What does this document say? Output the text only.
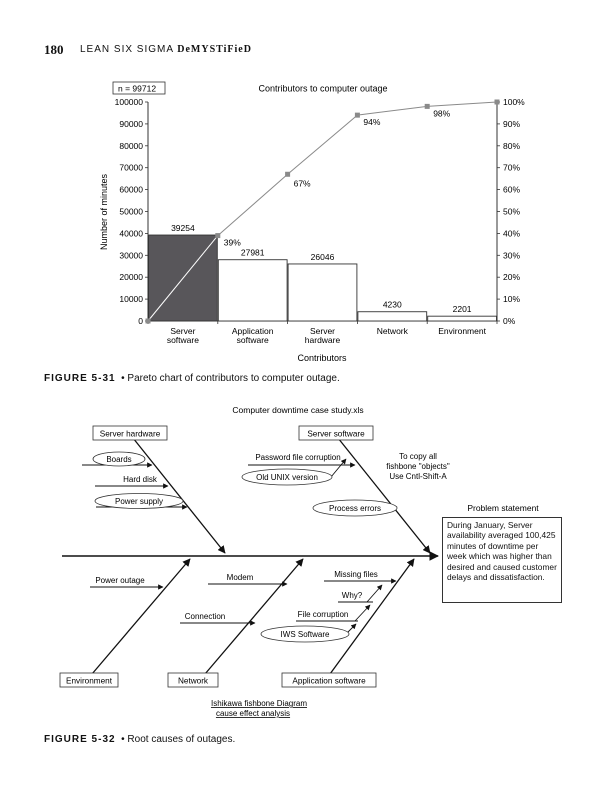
180 LEAN SIX SIGMA DeMYSTiFieD
0	0%
10000	10%
20000	20%
30000	30%
40000	40%
50000	50%
60000	60%
70000	70%
80000	80%
90000	90%
100000	100%
39254
Server
software
27981
Application
software
26046
Server
hardware
4230
Network
2201
Environment
39%
67%
94%
98%
n = 99712	Contributors to computer outage
Contributors
Number of minutes
FIGURE 5-31  • Pareto chart of contributors to computer outage.
Computer downtime case study.xls
Server hardware	Server software
Environment	Network	Application software
Boards
Hard disk
Power supply
Password file corruption
Old UNIX version
Process errors
To copy all
fishbone "objects"
Use Cntl-Shift-A
Power outage	Modem
Connection
Missing files
Why?
File corruption
IWS Software
Problem statement
Ishikawa fishbone Diagram
cause effect analysis
During January, Server availability averaged 100,425 minutes of downtime per week which was higher than desired and caused customer delays and dissatisfaction.
FIGURE 5-32  • Root causes of outages.
